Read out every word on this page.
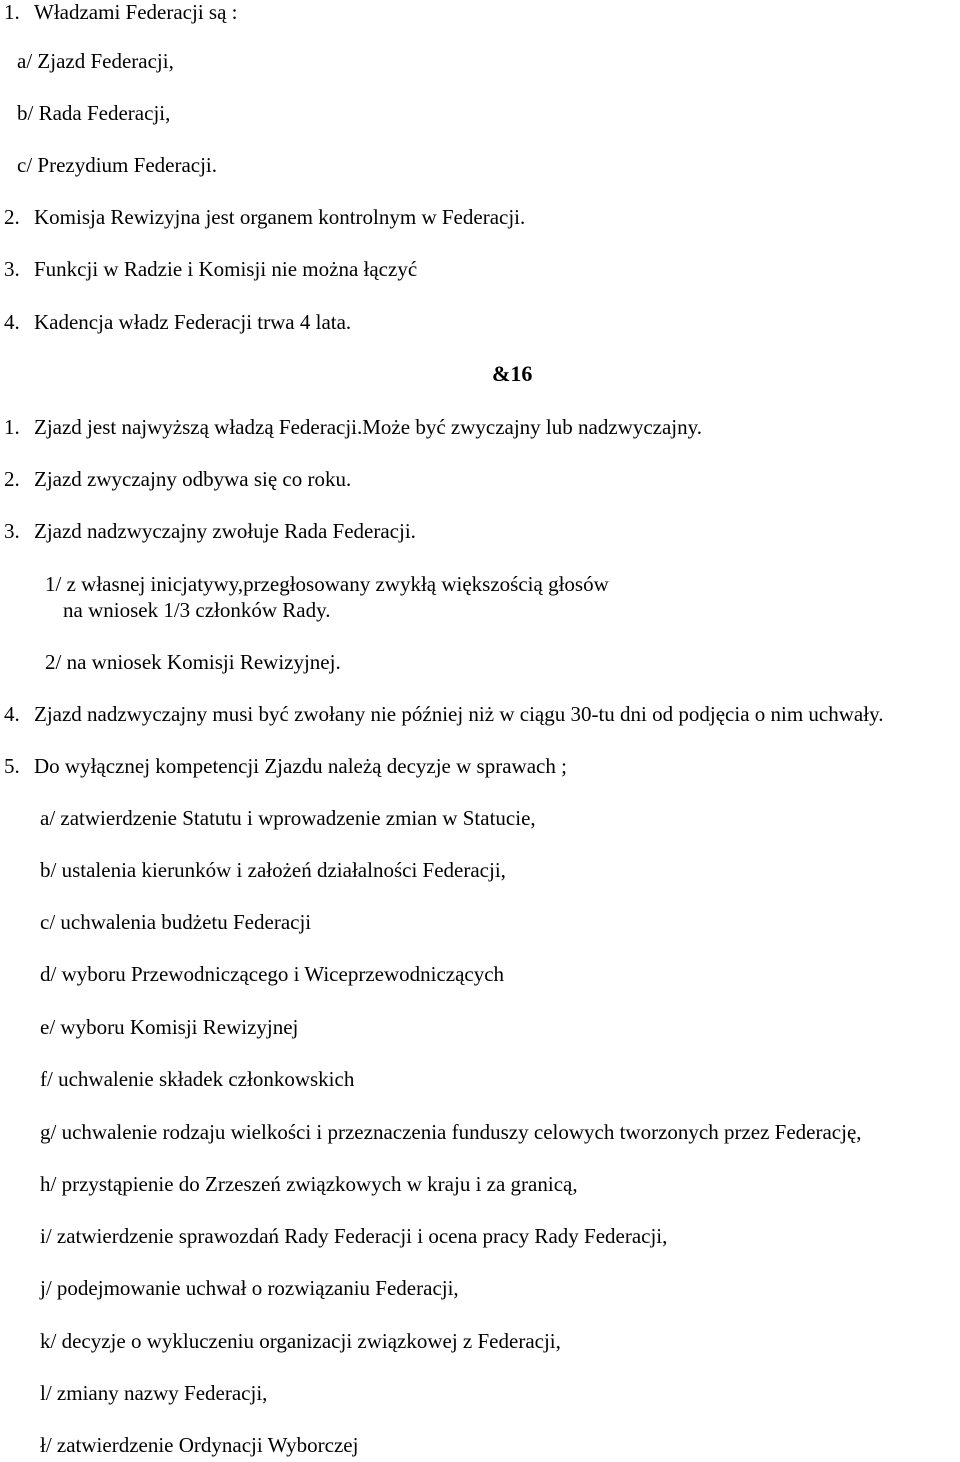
1. Władzami Federacji są :
a/ Zjazd Federacji,
b/ Rada Federacji,
c/ Prezydium Federacji.
2. Komisja Rewizyjna jest organem kontrolnym w Federacji.
3. Funkcji w Radzie i Komisji nie można łączyć
4. Kadencja władz Federacji trwa 4 lata.
&16
1. Zjazd jest najwyższą władzą Federacji.Może być zwyczajny lub nadzwyczajny.
2. Zjazd zwyczajny odbywa się co roku.
3. Zjazd nadzwyczajny zwołuje Rada Federacji.
1/ z własnej inicjatywy,przegłosowany zwykłą większością głosów
na wniosek 1/3 członków Rady.
2/ na wniosek Komisji Rewizyjnej.
4. Zjazd nadzwyczajny musi być zwołany nie później niż w ciągu 30-tu dni od podjęcia o nim uchwały.
5. Do wyłącznej kompetencji Zjazdu należą decyzje w sprawach ;
a/ zatwierdzenie Statutu i wprowadzenie zmian w Statucie,
b/ ustalenia kierunków i założeń działalności Federacji,
c/ uchwalenia budżetu Federacji
d/ wyboru Przewodniczącego i Wiceprzewodniczących
e/ wyboru Komisji Rewizyjnej
f/ uchwalenie składek członkowskich
g/ uchwalenie rodzaju wielkości i przeznaczenia funduszy celowych tworzonych przez Federację,
h/ przystąpienie do Zrzeszeń związkowych w kraju i za granicą,
i/ zatwierdzenie sprawozdań Rady Federacji i ocena pracy Rady Federacji,
j/ podejmowanie uchwał o rozwiązaniu Federacji,
k/ decyzje o wykluczeniu organizacji związkowej z Federacji,
l/ zmiany nazwy Federacji,
ł/ zatwierdzenie Ordynacji Wyborczej
